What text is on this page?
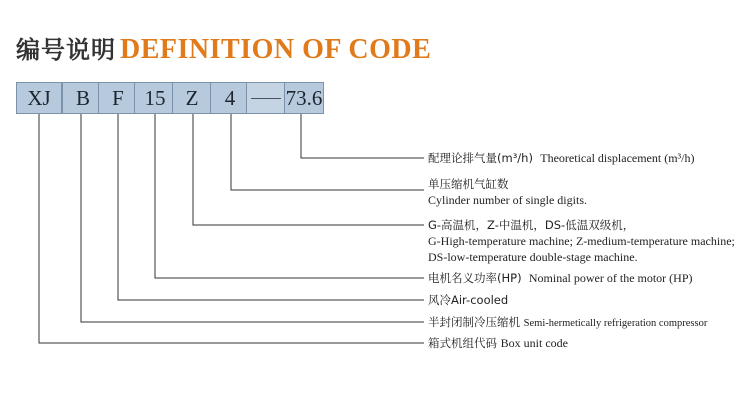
编号说明 DEFINITION OF CODE
XJ	B	F 15 Z	4	73.6
配理论排气量(m³/h) Theoretical displacement (m³/h)
单压缩机气缸数
Cylinder number of single digits.
G-高温机，Z-中温机，DS-低温双级机，
G-High-temperature machine; Z-medium-temperature machine;
DS-low-temperature double-stage machine.
电机名义功率(HP) Nominal power of the motor (HP)
风冷Air-cooled
半封闭制冷压缩机 Semi-hermetically refrigeration compressor
箱式机组代码 Box unit code
